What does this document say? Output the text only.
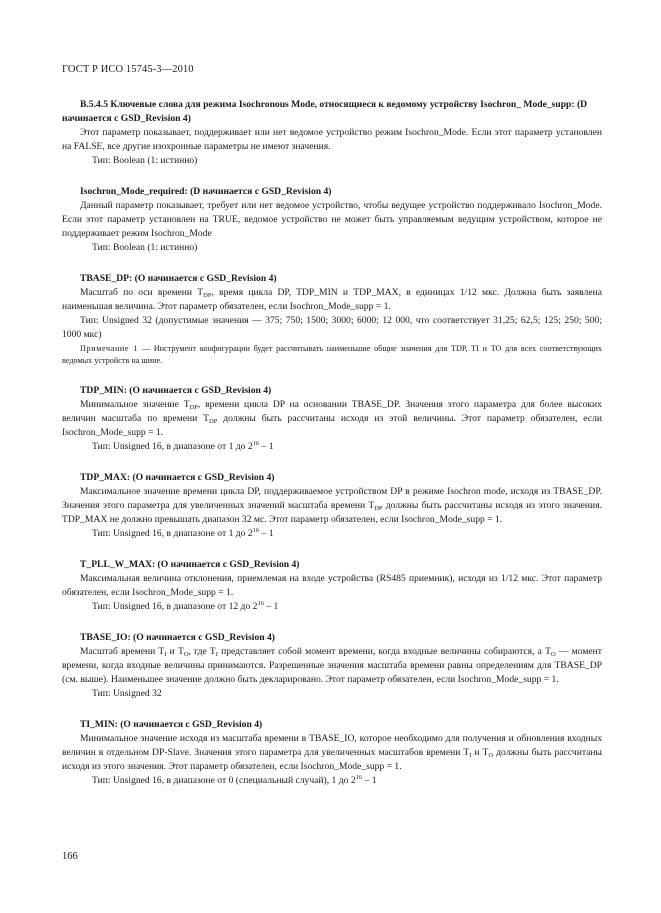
ГОСТ Р ИСО 15745-3—2010

B.5.4.5 Ключевые слова для режима Isochronous Mode, относящиеся к ведомому устройству Isochron_ Mode_supp: (D начинается с GSD_Revision 4)

Этот параметр показывает, поддерживает или нет ведомое устройство режим Isochron_Mode. Если этот параметр установлен на FALSE, все другие изохронные параметры не имеют значения.

Тип: Boolean (1: истинно)

Isochron_Mode_required: (D начинается с GSD_Revision 4)

Данный параметр показывает, требует или нет ведомое устройство, чтобы ведущее устройство поддерживало Isochron_Mode. Если этот параметр установлен на TRUE, ведомое устройство не может быть управляемым ведущим устройством, которое не поддерживает режим Isochron_Mode

Тип: Boolean (1: истинно)

TBASE_DP: (O начинается с GSD_Revision 4)

Масштаб по оси времени $T_{DP}$, время цикла DP, TDP_MIN и TDP_MAX, в единицах 1/12 мкс. Должна быть заявлена наименьшая величина. Этот параметр обязателен, если Isochron_Mode_supp = 1.

Тип: Unsigned 32 (допустимые значения — 375; 750; 1500; 3000; 6000; 12 000, что соответствует 31,25; 62,5; 125; 250; 500; 1000 мкс)

Примечание 1 — Инструмент конфигурации будет рассчитывать наименьшие общие значения для TDP, TI и TO для всех соответствующих ведомых устройств на шине.

TDP_MIN: (O начинается с GSD_Revision 4)

Минимальное значение $T_{DP}$, времени цикла DP на основании TBASE_DP. Значения этого параметра для более высоких величин масштаба по времени $T_{DP}$ должны быть рассчитаны исходя из этой величины. Этот параметр обязателен, если Isochron_Mode_supp = 1.

Тип: Unsigned 16, в диапазоне от 1 до $2^{16} - 1$

TDP_MAX: (O начинается с GSD_Revision 4)

Максимальное значение времени цикла DP, поддерживаемое устройством DP в режиме Isochron mode, исходя из TBASE_DP. Значения этого параметра для увеличенных значений масштаба времени $T_{DP}$ должны быть рассчитаны исходя из этого значения. TDP_MAX не должно превышать диапазон 32 мс. Этот параметр обязателен, если Isochron_Mode_supp = 1.

Тип: Unsigned 16, в диапазоне от 1 до $2^{16} - 1$

T_PLL_W_MAX: (O начинается с GSD_Revision 4)

Максимальная величина отклонения, приемлемая на входе устройства (RS485 приемник), исходя из 1/12 мкс. Этот параметр обязателен, если Isochron_Mode_supp = 1.

Тип: Unsigned 16, в диапазоне от 12 до $2^{16} - 1$

TBASE_IO: (O начинается с GSD_Revision 4)

Масштаб времени $T_I$ и $T_O$, где $T_I$ представляет собой момент времени, когда входные величины собираются, а $T_O$ — момент времени, когда входные величины принимаются. Разрешенные значения масштаба времени равны определениям для TBASE_DP (см. выше). Наименьшее значение должно быть декларировано. Этот параметр обязателен, если Isochron_Mode_supp = 1.

Тип: Unsigned 32

TI_MIN: (O начинается с GSD_Revision 4)

Минимальное значение исходя из масштаба времени в TBASE_IO, которое необходимо для получения и обновления входных величин в отдельном DP-Slave. Значения этого параметра для увеличенных масштабов времени $T_I$ и $T_O$ должны быть рассчитаны исходя из этого значения. Этот параметр обязателен, если Isochron_Mode_supp = 1.

Тип: Unsigned 16, в диапазоне от 0 (специальный случай), 1 до $2^{16} - 1$

166
